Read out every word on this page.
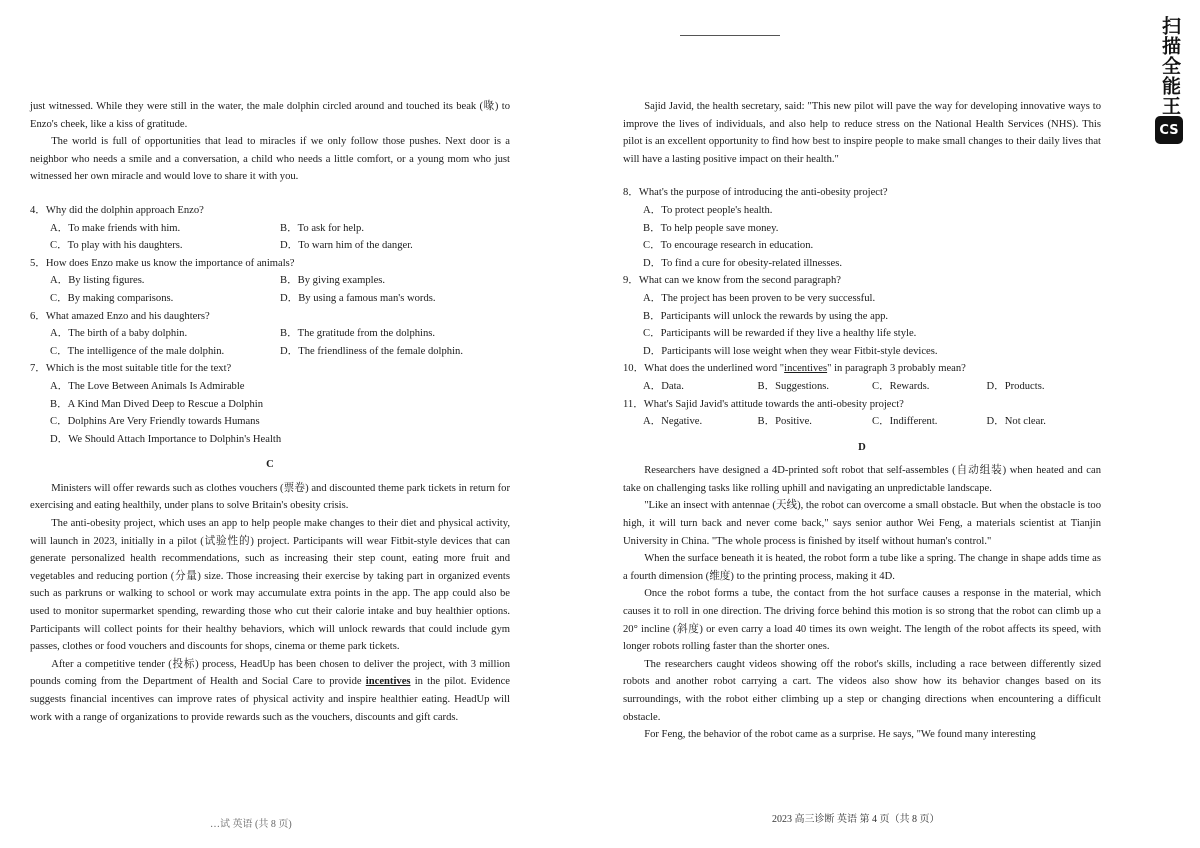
just witnessed. While they were still in the water, the male dolphin circled around and touched its beak (喙) to Enzo's cheek, like a kiss of gratitude.

The world is full of opportunities that lead to miracles if we only follow those pushes. Next door is a neighbor who needs a smile and a conversation, a child who needs a little comfort, or a young mom who just witnessed her own miracle and would love to share it with you.

4．Why did the dolphin approach Enzo?
A．To make friends with him.	B．To ask for help.
C．To play with his daughters.	D．To warn him of the danger.
5．How does Enzo make us know the importance of animals?
A．By listing figures.	B．By giving examples.
C．By making comparisons.	D．By using a famous man's words.
6．What amazed Enzo and his daughters?
A．The birth of a baby dolphin.	B．The gratitude from the dolphins.
C．The intelligence of the male dolphin.	D．The friendliness of the female dolphin.
7．Which is the most suitable title for the text?
A．The Love Between Animals Is Admirable
B．A Kind Man Dived Deep to Rescue a Dolphin
C．Dolphins Are Very Friendly towards Humans
D．We Should Attach Importance to Dolphin's Health
C

Ministers will offer rewards such as clothes vouchers (票卷) and discounted theme park tickets in return for exercising and eating healthily, under plans to solve Britain's obesity crisis.

The anti-obesity project, which uses an app to help people make changes to their diet and physical activity, will launch in 2023, initially in a pilot (试验性的) project. Participants will wear Fitbit-style devices that can generate personalized health recommendations, such as increasing their step count, eating more fruit and vegetables and reducing portion (分量) size. Those increasing their exercise by taking part in organized events such as parkruns or walking to school or work may accumulate extra points in the app. The app could also be used to monitor supermarket spending, rewarding those who cut their calorie intake and buy healthier options. Participants will collect points for their healthy behaviors, which will unlock rewards that could include gym passes, clothes or food vouchers and discounts for shops, cinema or theme park tickets.

After a competitive tender (投标) process, HeadUp has been chosen to deliver the project, with 3 million pounds coming from the Department of Health and Social Care to provide incentives in the pilot. Evidence suggests financial incentives can improve rates of physical activity and inspire healthier eating. HeadUp will work with a range of organizations to provide rewards such as the vouchers, discounts and gift cards.

…试 英语 (共 8 页)

Sajid Javid, the health secretary, said: "This new pilot will pave the way for developing innovative ways to improve the lives of individuals, and also help to reduce stress on the National Health Services (NHS). This pilot is an excellent opportunity to find how best to inspire people to make small changes to their daily lives that will have a lasting positive impact on their health."

8．What's the purpose of introducing the anti-obesity project?
A．To protect people's health.
B．To help people save money.
C．To encourage research in education.
D．To find a cure for obesity-related illnesses.
9．What can we know from the second paragraph?
A．The project has been proven to be very successful.
B．Participants will unlock the rewards by using the app.
C．Participants will be rewarded if they live a healthy life style.
D．Participants will lose weight when they wear Fitbit-style devices.
10．What does the underlined word "incentives" in paragraph 3 probably mean?
A．Data.	B．Suggestions.	C．Rewards.	D．Products.
11．What's Sajid Javid's attitude towards the anti-obesity project?
A．Negative.	B．Positive.	C．Indifferent.	D．Not clear.
D

Researchers have designed a 4D-printed soft robot that self-assembles (自动组装) when heated and can take on challenging tasks like rolling uphill and navigating an unpredictable landscape.

"Like an insect with antennae (天线), the robot can overcome a small obstacle. But when the obstacle is too high, it will turn back and never come back," says senior author Wei Feng, a materials scientist at Tianjin University in China. "The whole process is finished by itself without human's control."

When the surface beneath it is heated, the robot form a tube like a spring. The change in shape adds time as a fourth dimension (维度) to the printing process, making it 4D.

Once the robot forms a tube, the contact from the hot surface causes a response in the material, which causes it to roll in one direction. The driving force behind this motion is so strong that the robot can climb up a 20° incline (斜度) or even carry a load 40 times its own weight. The length of the robot affects its speed, with longer robots rolling faster than the shorter ones.

The researchers caught videos showing off the robot's skills, including a race between differently sized robots and another robot carrying a cart. The videos also show how its behavior changes based on its surroundings, with the robot either climbing up a step or changing directions when encountering a difficult obstacle.

For Feng, the behavior of the robot came as a surprise. He says, "We found many interesting

2023 高三诊断 英语 第 4 页（共 8 页）
扫描全能王
CS
